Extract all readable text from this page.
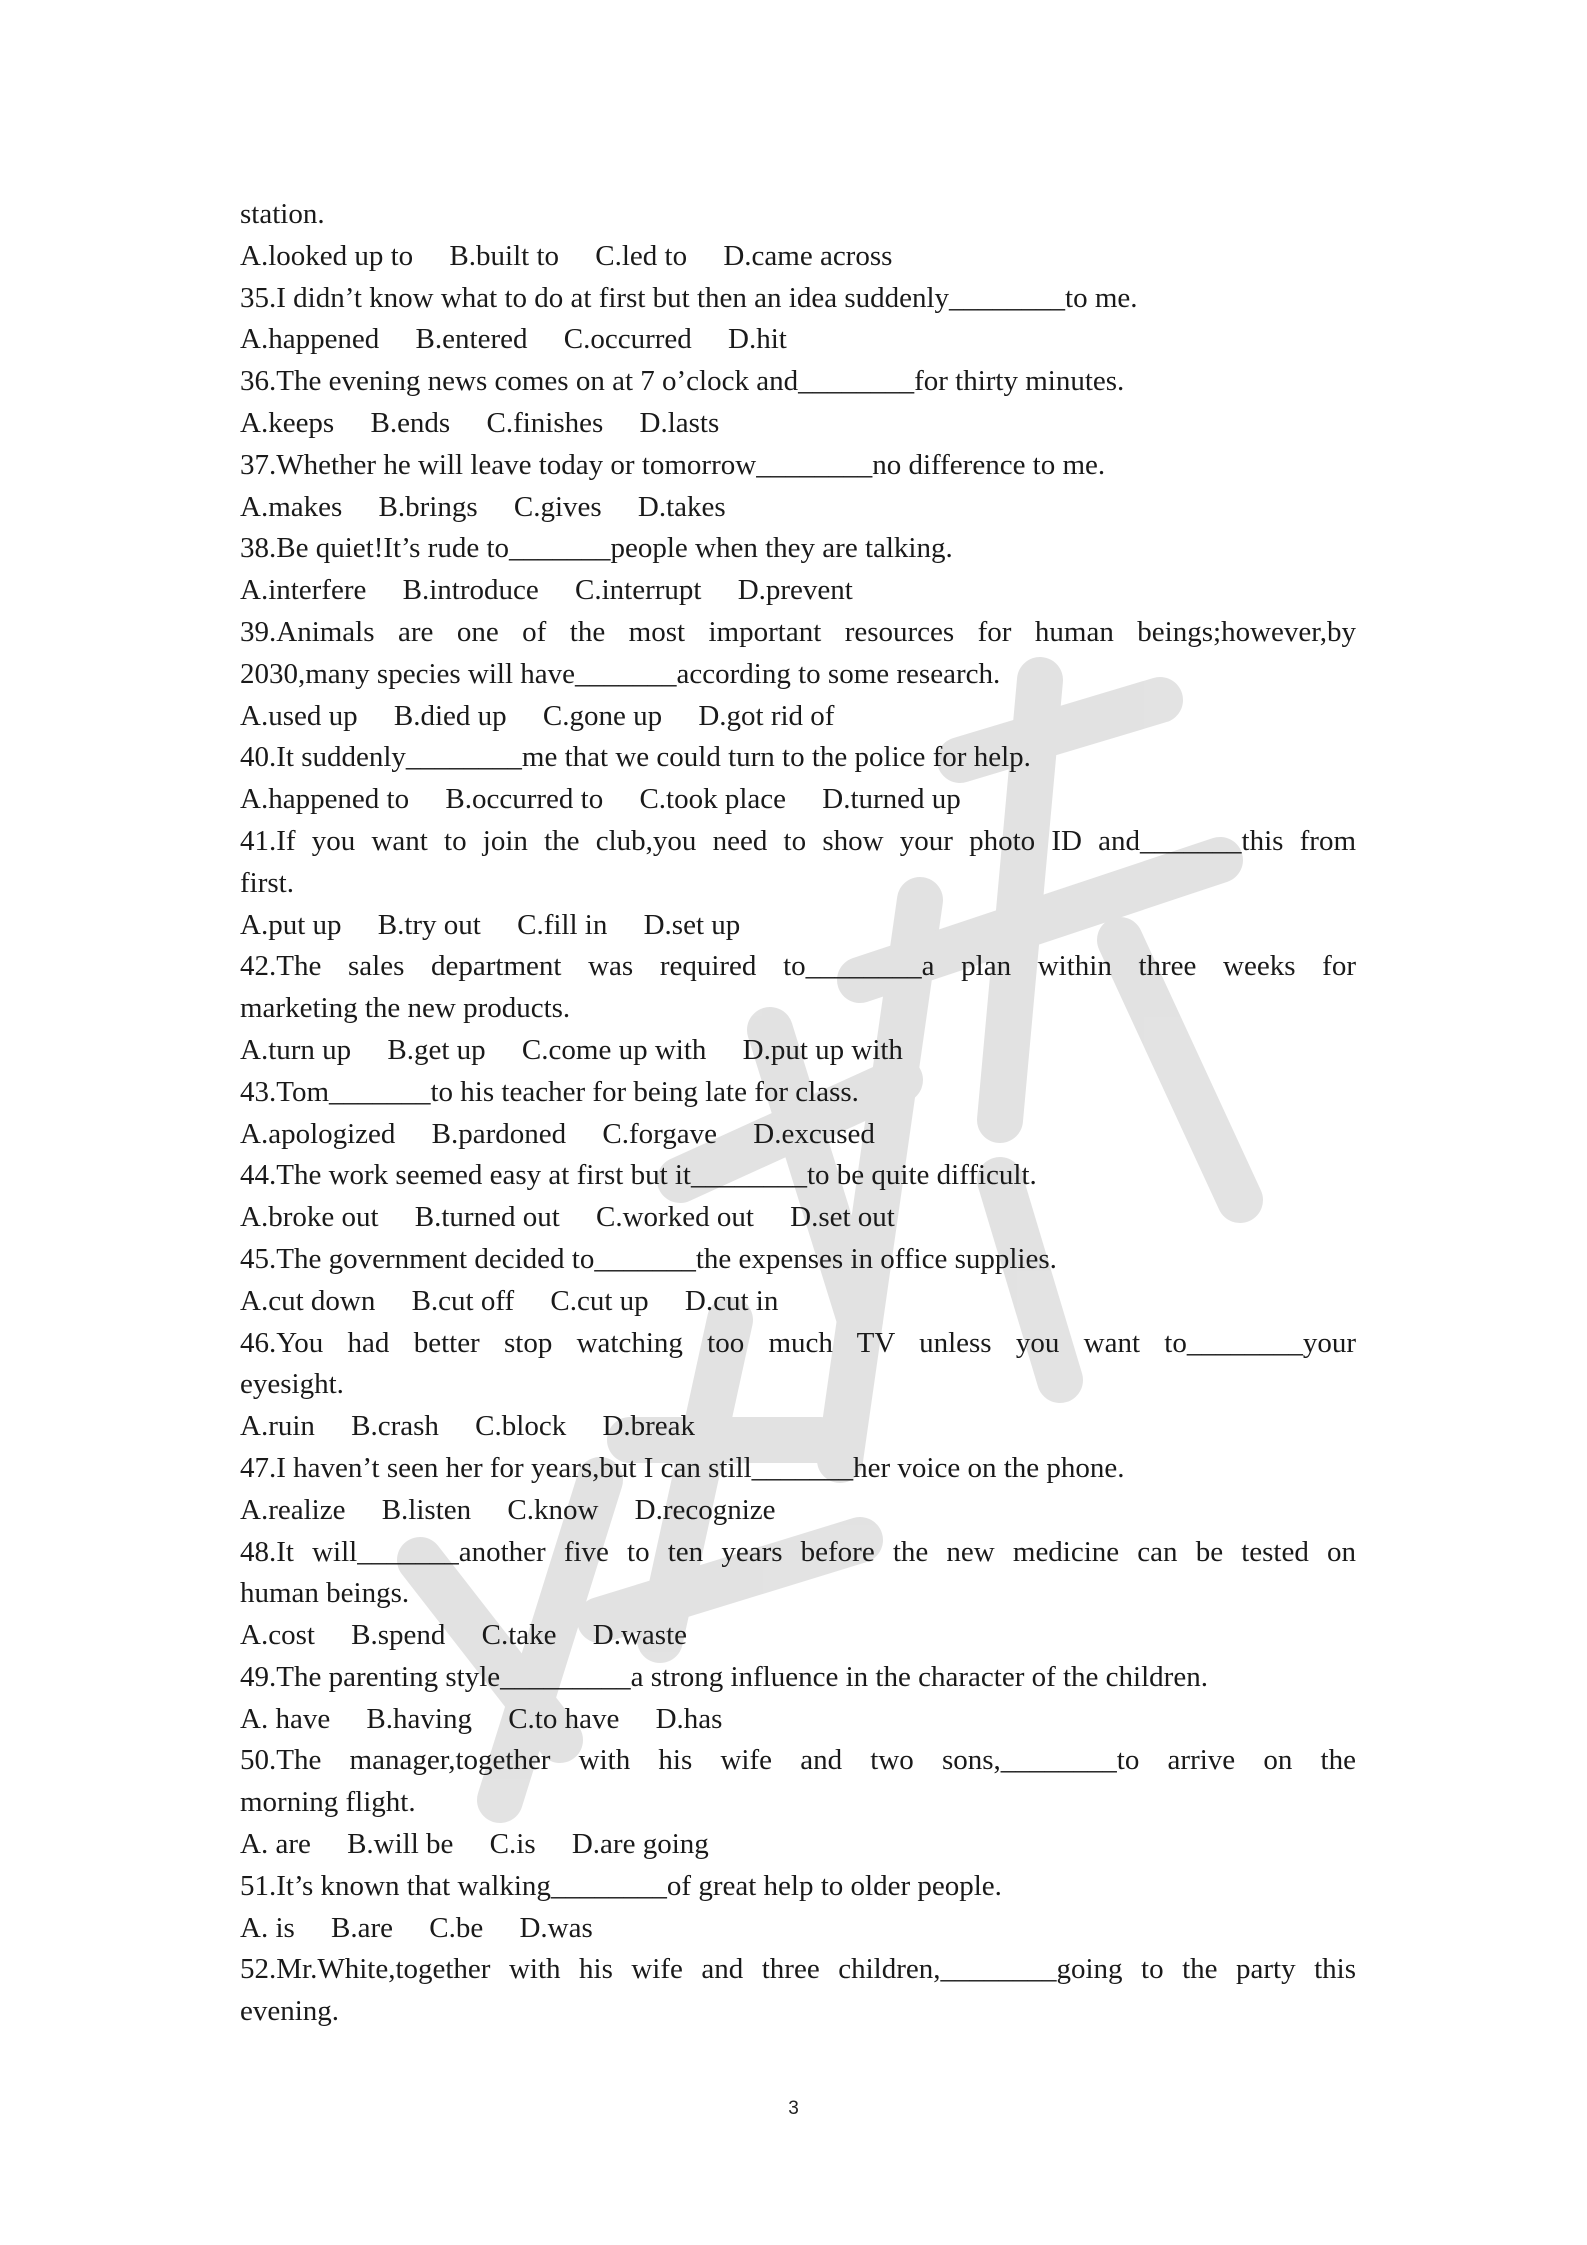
station.
A.looked up to     B.built to     C.led to     D.came across
35.I didn’t know what to do at first but then an idea suddenly________to me.
A.happened     B.entered     C.occurred     D.hit
36.The evening news comes on at 7 o’clock and________for thirty minutes.
A.keeps     B.ends     C.finishes     D.lasts
37.Whether he will leave today or tomorrow________no difference to me.
A.makes     B.brings     C.gives     D.takes
38.Be quiet!It’s rude to_______people when they are talking.
A.interfere     B.introduce     C.interrupt     D.prevent
39.Animals are one of the most important resources for human beings;however,by
2030,many species will have_______according to some research.
A.used up     B.died up     C.gone up     D.got rid of
40.It suddenly________me that we could turn to the police for help.
A.happened to     B.occurred to     C.took place     D.turned up
41.If you want to join the club,you need to show your photo ID and_______this from
first.
A.put up     B.try out     C.fill in     D.set up
42.The sales department was required to________a plan within three weeks for
marketing the new products.
A.turn up     B.get up     C.come up with     D.put up with
43.Tom_______to his teacher for being late for class.
A.apologized     B.pardoned     C.forgave     D.excused
44.The work seemed easy at first but it________to be quite difficult.
A.broke out     B.turned out     C.worked out     D.set out
45.The government decided to_______the expenses in office supplies.
A.cut down     B.cut off     C.cut up     D.cut in
46.You had better stop watching too much TV unless you want to________your
eyesight.
A.ruin     B.crash     C.block     D.break
47.I haven’t seen her for years,but I can still_______her voice on the phone.
A.realize     B.listen     C.know     D.recognize
48.It will_______another five to ten years before the new medicine can be tested on
human beings.
A.cost     B.spend     C.take     D.waste
49.The parenting style_________a strong influence in the character of the children.
A. have     B.having     C.to have     D.has
50.The manager,together with his wife and two sons,________to arrive on the
morning flight.
A. are     B.will be     C.is     D.are going
51.It’s known that walking________of great help to older people.
A. is     B.are     C.be     D.was
52.Mr.White,together with his wife and three children,________going to the party this
evening.
3
